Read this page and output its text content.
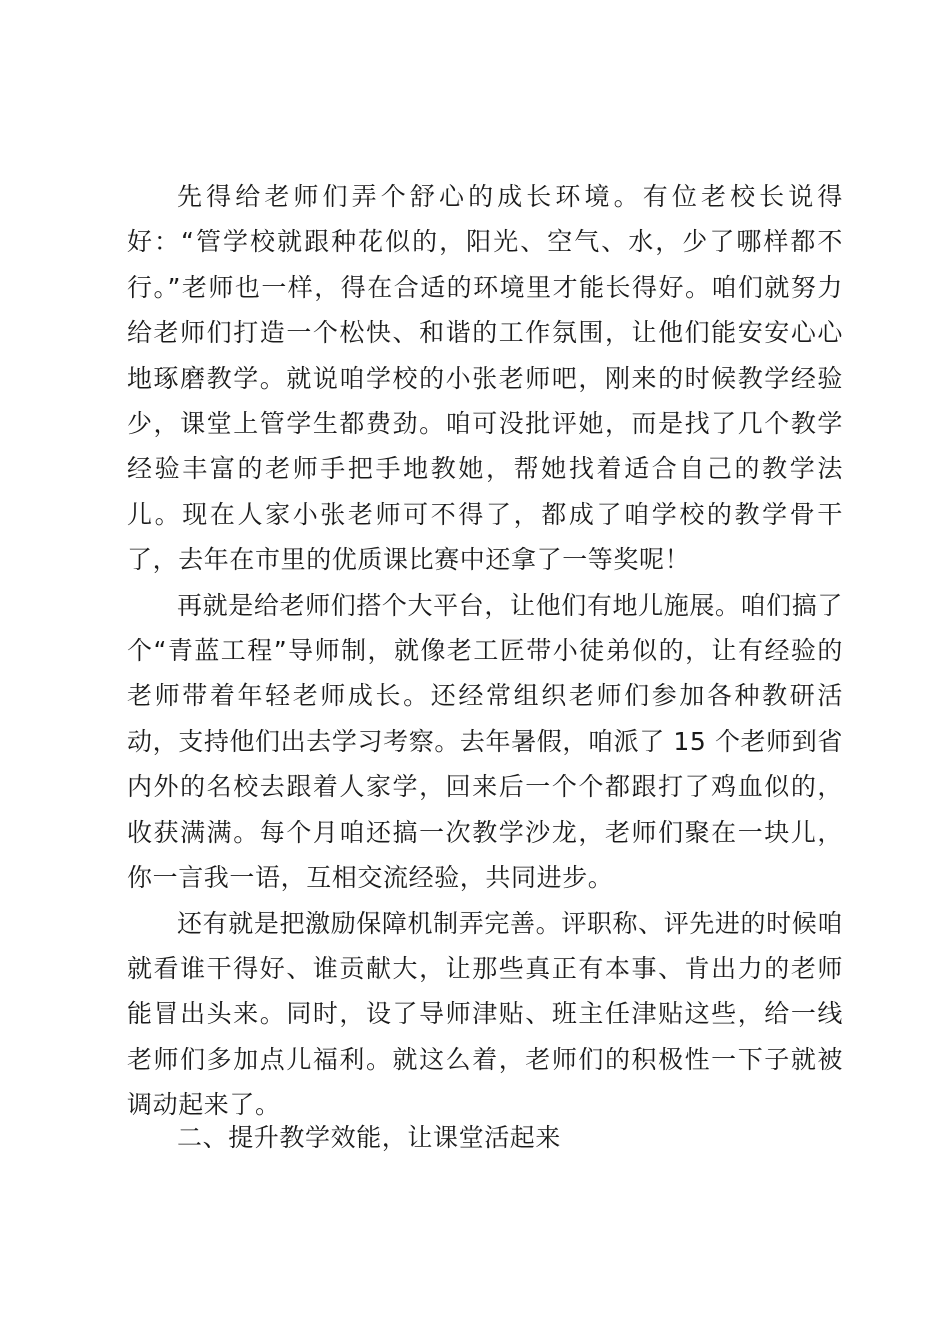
先得给老师们弄个舒心的成长环境。有位老校长说得好：“管学校就跟种花似的，阳光、空气、水，少了哪样都不行。”老师也一样，得在合适的环境里才能长得好。咱们就努力给老师们打造一个松快、和谐的工作氛围，让他们能安安心心地琢磨教学。就说咱学校的小张老师吧，刚来的时候教学经验少，课堂上管学生都费劲。咱可没批评她，而是找了几个教学经验丰富的老师手把手地教她，帮她找着适合自己的教学法儿。现在人家小张老师可不得了，都成了咱学校的教学骨干了，去年在市里的优质课比赛中还拿了一等奖呢！

再就是给老师们搭个大平台，让他们有地儿施展。咱们搞了个“青蓝工程”导师制，就像老工匠带小徒弟似的，让有经验的老师带着年轻老师成长。还经常组织老师们参加各种教研活动，支持他们出去学习考察。去年暑假，咱派了 15 个老师到省内外的名校去跟着人家学，回来后一个个都跟打了鸡血似的，收获满满。每个月咱还搞一次教学沙龙，老师们聚在一块儿，你一言我一语，互相交流经验，共同进步。

还有就是把激励保障机制弄完善。评职称、评先进的时候咱就看谁干得好、谁贡献大，让那些真正有本事、肯出力的老师能冒出头来。同时，设了导师津贴、班主任津贴这些，给一线老师们多加点儿福利。就这么着，老师们的积极性一下子就被调动起来了。

二、提升教学效能，让课堂活起来
